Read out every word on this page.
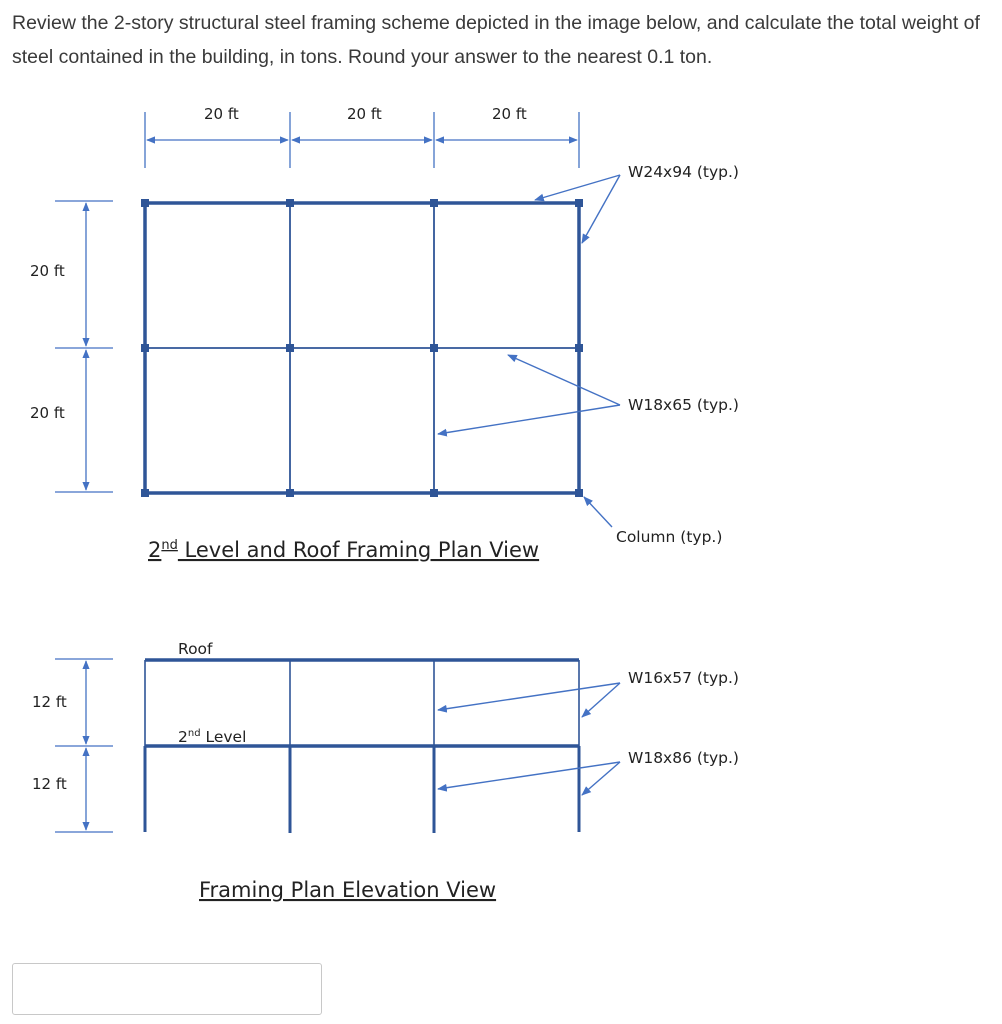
Review the 2-story structural steel framing scheme depicted in the image below, and calculate the total weight of steel contained in the building, in tons. Round your answer to the nearest 0.1 ton.
20 ft	20 ft	20 ft
20 ft
20 ft
W24x94 (typ.)
W18x65 (typ.)
Column (typ.)
2nd Level and Roof Framing Plan View
12 ft
12 ft
Roof
2nd Level
W16x57 (typ.)
W18x86 (typ.)
Framing Plan Elevation View
